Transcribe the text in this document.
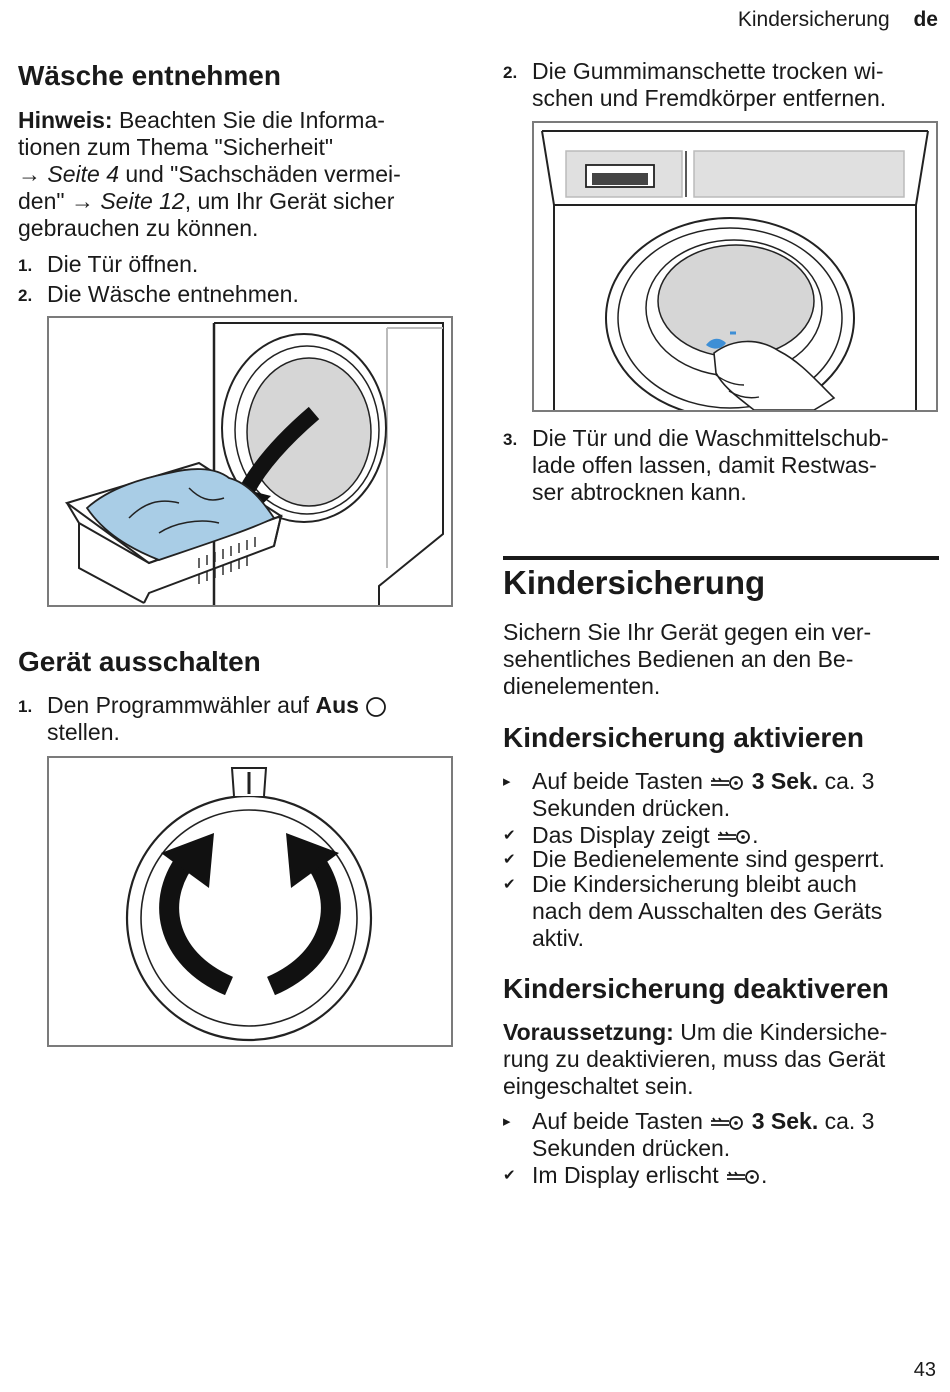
Kindersicherung de
Wäsche entnehmen

Hinweis: Beachten Sie die Informa-
tionen zum Thema "Sicherheit"
→ Seite 4 und "Sachschäden vermei-
den" → Seite 12, um Ihr Gerät sicher
gebrauchen zu können.

1. Die Tür öffnen.
2. Die Wäsche entnehmen.
Gerät ausschalten
1. Den Programmwähler auf Aus
stellen.
2. Die Gummimanschette trocken wi-
schen und Fremdkörper entfernen.
3. Die Tür und die Waschmittelschub-
lade offen lassen, damit Restwas-
ser abtrocknen kann.
Kindersicherung

Sichern Sie Ihr Gerät gegen ein ver-
sehentliches Bedienen an den Be-
dienelementen.

Kindersicherung aktivieren
▸ Auf beide Tasten  3 Sek. ca. 3
Sekunden drücken.
✔ Das Display zeigt .
✔ Die Bedienelemente sind gesperrt.
✔ Die Kindersicherung bleibt auch
nach dem Ausschalten des Geräts
aktiv.
Kindersicherung deaktiveren

Voraussetzung: Um die Kindersiche-
rung zu deaktivieren, muss das Gerät
eingeschaltet sein.

▸ Auf beide Tasten  3 Sek. ca. 3
Sekunden drücken.
✔ Im Display erlischt .
43
